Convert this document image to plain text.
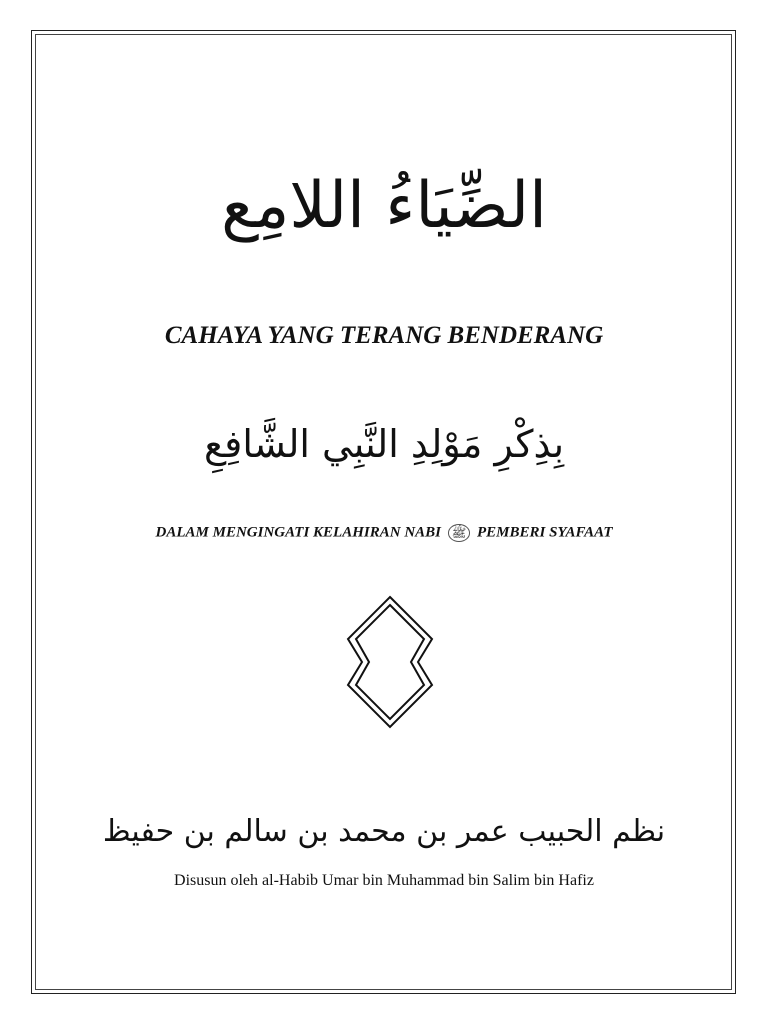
الضِّيَاءُ اللامِع
CAHAYA YANG TERANG BENDERANG
بِذِكْرِ مَوْلِدِ النَّبِي الشَّافِعِ
DALAM MENGINGATI KELAHIRAN NABI ﷺ PEMBERI SYAFAAT
نظم الحبيب عمر بن محمد بن سالم بن حفيظ
Disusun oleh al-Habib Umar bin Muhammad bin Salim bin Hafiz
